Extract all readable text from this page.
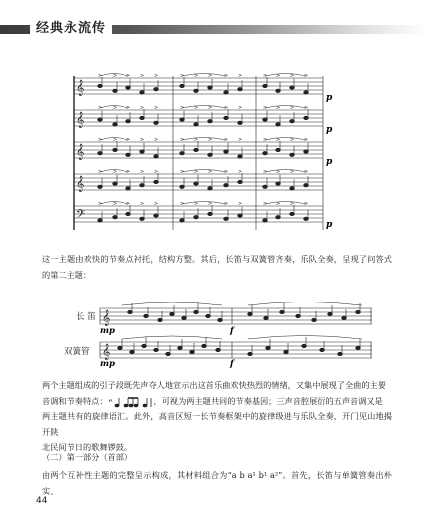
经典永流传
𝄞
> > > > >	> > > > >	> > > >
𝄞
> > > > >	> > > > >	> > > >
𝄞
> > > > >	> > > > >	> > > >
𝄞
> > > > >	> > > > >	> > > >
𝄢
> > > > >	> > > > >	> > > >
p
p
p
p

这一主题由欢快的节奏点衬托，结构方整。其后，长笛与双簧管齐奏，乐队全奏，呈现了问答式的第二主题：

长 笛
双簧管
𝄞
𝄞
mp	f
mp	f
两个主题组成的引子段既先声夺人地宣示出这首乐曲欢快热烈的情绪，又集中展现了全曲的主要
音调和节奏特点： “	，可视为两主题共同的节奏基因；三声音腔展衍的五声音调又是
两主题共有的旋律语汇。此外，高音区短一长节奏框架中的旋律级进与乐队全奏，开门见山地揭开陕
北民间节日的歌舞锣鼓。

（二）第一部分（首部）

由两个互补性主题的完整呈示构成，其材料组合为“a b a¹ b¹ a²”。首先，长笛与单簧管奏出朴实、

44
